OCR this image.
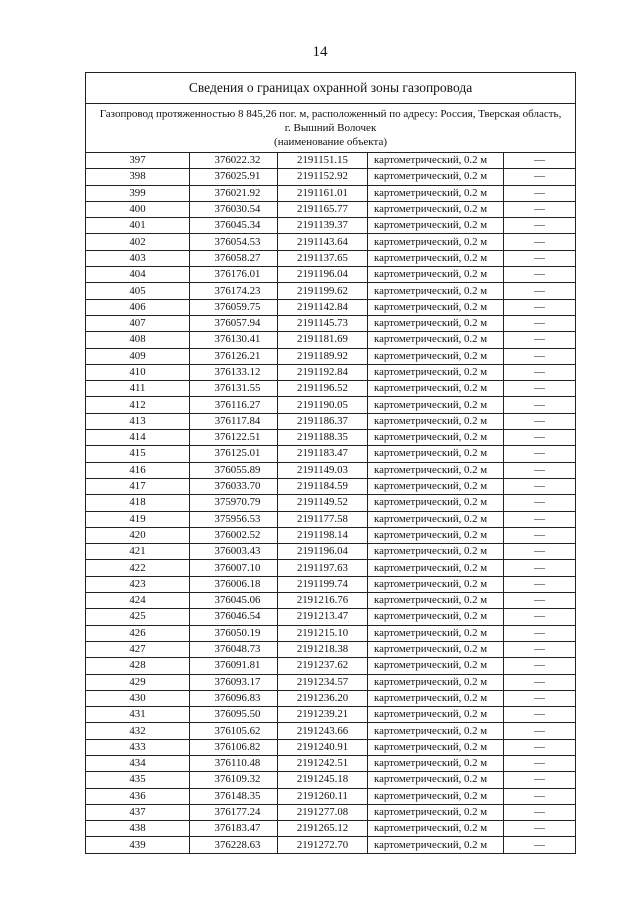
14
Сведения о границах охранной зоны газопровода				

Газопровод протяженностью 8 845,26 пог. м, расположенный по адресу: Россия, Тверская область,
г. Вышний Волочек
(наименование объекта)				

397	376022.32	2191151.15	картометрический, 0.2 м	—
398	376025.91	2191152.92	картометрический, 0.2 м	—
399	376021.92	2191161.01	картометрический, 0.2 м	—
400	376030.54	2191165.77	картометрический, 0.2 м	—
401	376045.34	2191139.37	картометрический, 0.2 м	—
402	376054.53	2191143.64	картометрический, 0.2 м	—
403	376058.27	2191137.65	картометрический, 0.2 м	—
404	376176.01	2191196.04	картометрический, 0.2 м	—
405	376174.23	2191199.62	картометрический, 0.2 м	—
406	376059.75	2191142.84	картометрический, 0.2 м	—
407	376057.94	2191145.73	картометрический, 0.2 м	—
408	376130.41	2191181.69	картометрический, 0.2 м	—
409	376126.21	2191189.92	картометрический, 0.2 м	—
410	376133.12	2191192.84	картометрический, 0.2 м	—
411	376131.55	2191196.52	картометрический, 0.2 м	—
412	376116.27	2191190.05	картометрический, 0.2 м	—
413	376117.84	2191186.37	картометрический, 0.2 м	—
414	376122.51	2191188.35	картометрический, 0.2 м	—
415	376125.01	2191183.47	картометрический, 0.2 м	—
416	376055.89	2191149.03	картометрический, 0.2 м	—
417	376033.70	2191184.59	картометрический, 0.2 м	—
418	375970.79	2191149.52	картометрический, 0.2 м	—
419	375956.53	2191177.58	картометрический, 0.2 м	—
420	376002.52	2191198.14	картометрический, 0.2 м	—
421	376003.43	2191196.04	картометрический, 0.2 м	—
422	376007.10	2191197.63	картометрический, 0.2 м	—
423	376006.18	2191199.74	картометрический, 0.2 м	—
424	376045.06	2191216.76	картометрический, 0.2 м	—
425	376046.54	2191213.47	картометрический, 0.2 м	—
426	376050.19	2191215.10	картометрический, 0.2 м	—
427	376048.73	2191218.38	картометрический, 0.2 м	—
428	376091.81	2191237.62	картометрический, 0.2 м	—
429	376093.17	2191234.57	картометрический, 0.2 м	—
430	376096.83	2191236.20	картометрический, 0.2 м	—
431	376095.50	2191239.21	картометрический, 0.2 м	—
432	376105.62	2191243.66	картометрический, 0.2 м	—
433	376106.82	2191240.91	картометрический, 0.2 м	—
434	376110.48	2191242.51	картометрический, 0.2 м	—
435	376109.32	2191245.18	картометрический, 0.2 м	—
436	376148.35	2191260.11	картометрический, 0.2 м	—
437	376177.24	2191277.08	картометрический, 0.2 м	—
438	376183.47	2191265.12	картометрический, 0.2 м	—
439	376228.63	2191272.70	картометрический, 0.2 м	—
